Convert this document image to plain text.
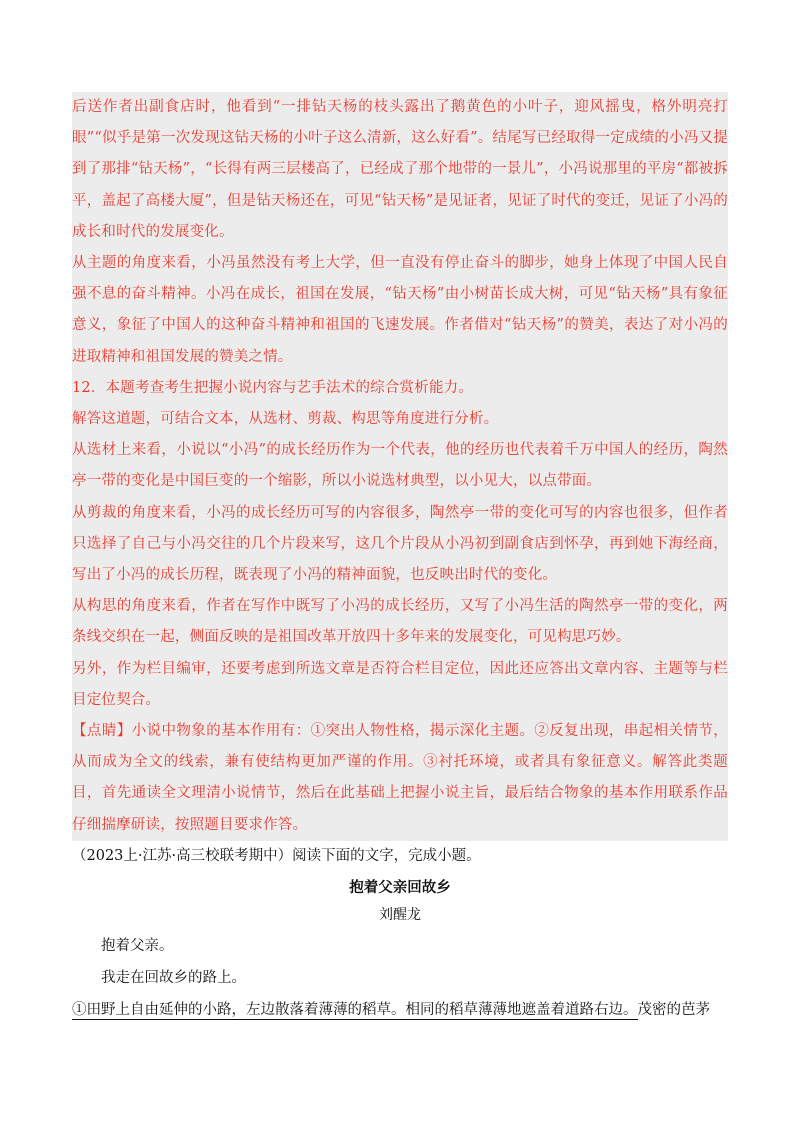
后送作者出副食店时，他看到“一排钻天杨的枝头露出了鹅黄色的小叶子，迎风摇曳，格外明亮打眼”“似乎是第一次发现这钻天杨的小叶子这么清新，这么好看”。结尾写已经取得一定成绩的小冯又提到了那排“钻天杨”，“长得有两三层楼高了，已经成了那个地带的一景儿”，小冯说那里的平房“都被拆平，盖起了高楼大厦”，但是钻天杨还在，可见“钻天杨”是见证者，见证了时代的变迁，见证了小冯的成长和时代的发展变化。

从主题的角度来看，小冯虽然没有考上大学，但一直没有停止奋斗的脚步，她身上体现了中国人民自强不息的奋斗精神。小冯在成长，祖国在发展，“钻天杨”由小树苗长成大树，可见“钻天杨”具有象征意义，象征了中国人的这种奋斗精神和祖国的飞速发展。作者借对“钻天杨”的赞美，表达了对小冯的进取精神和祖国发展的赞美之情。

12．本题考查考生把握小说内容与艺手法术的综合赏析能力。

解答这道题，可结合文本，从选材、剪裁、构思等角度进行分析。

从选材上来看，小说以“小冯”的成长经历作为一个代表，他的经历也代表着千万中国人的经历，陶然亭一带的变化是中国巨变的一个缩影，所以小说选材典型，以小见大，以点带面。

从剪裁的角度来看，小冯的成长经历可写的内容很多，陶然亭一带的变化可写的内容也很多，但作者只选择了自己与小冯交往的几个片段来写，这几个片段从小冯初到副食店到怀孕，再到她下海经商，写出了小冯的成长历程，既表现了小冯的精神面貌，也反映出时代的变化。

从构思的角度来看，作者在写作中既写了小冯的成长经历，又写了小冯生活的陶然亭一带的变化，两条线交织在一起，侧面反映的是祖国改革开放四十多年来的发展变化，可见构思巧妙。

另外，作为栏目编审，还要考虑到所选文章是否符合栏目定位，因此还应答出文章内容、主题等与栏目定位契合。

【点睛】小说中物象的基本作用有：①突出人物性格，揭示深化主题。②反复出现，串起相关情节，从而成为全文的线索，兼有使结构更加严谨的作用。③衬托环境，或者具有象征意义。解答此类题目，首先通读全文理清小说情节，然后在此基础上把握小说主旨，最后结合物象的基本作用联系作品仔细揣摩研读，按照题目要求作答。

（2023上·江苏·高三校联考期中）阅读下面的文字，完成小题。

抱着父亲回故乡

刘醒龙

抱着父亲。

我走在回故乡的路上。

①田野上自由延伸的小路，左边散落着薄薄的稻草。相同的稻草薄薄地遮盖着道路右边。茂密的芭茅
